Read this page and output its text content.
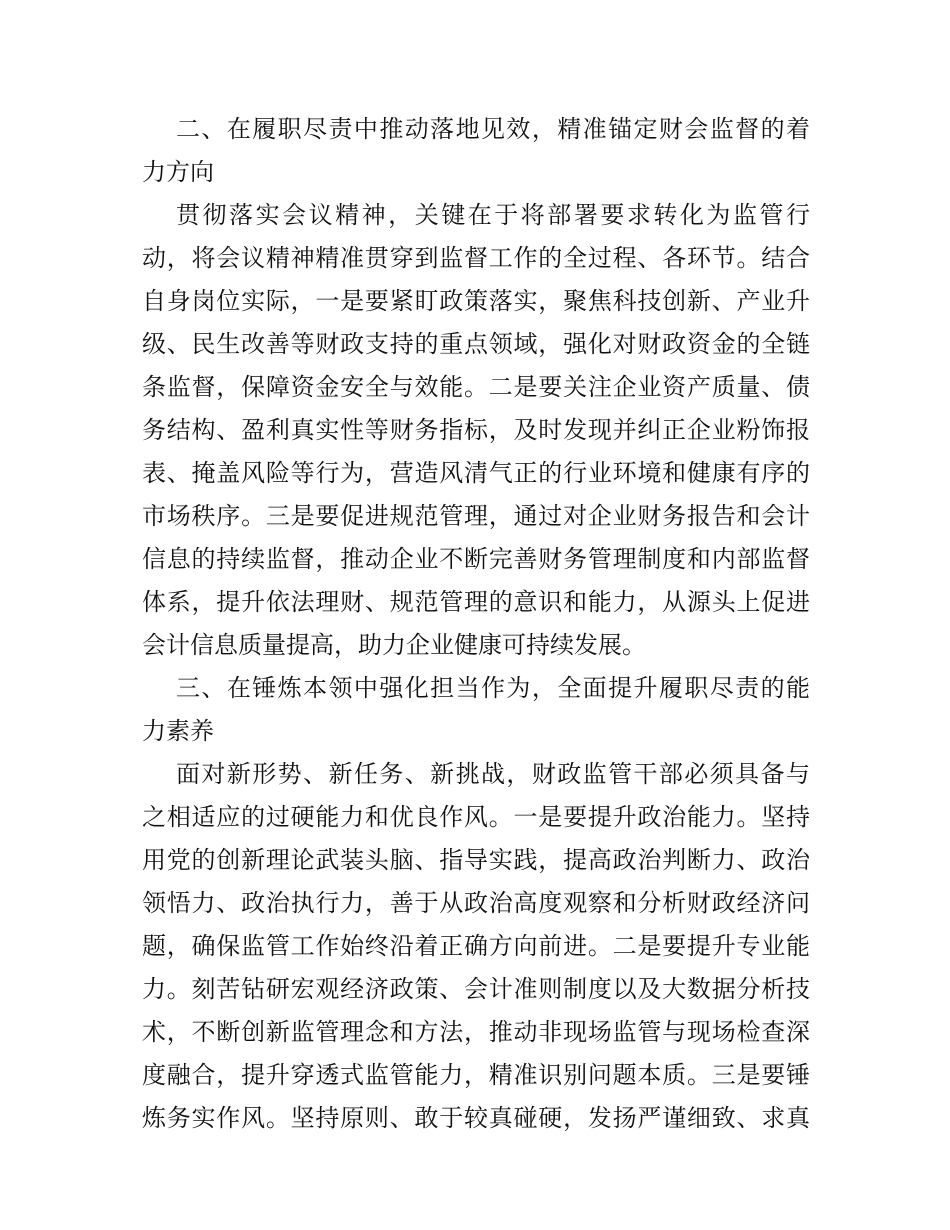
二、在履职尽责中推动落地见效，精准锚定财会监督的着
力方向
贯彻落实会议精神，关键在于将部署要求转化为监管行
动，将会议精神精准贯穿到监督工作的全过程、各环节。结合
自身岗位实际，一是要紧盯政策落实，聚焦科技创新、产业升
级、民生改善等财政支持的重点领域，强化对财政资金的全链
条监督，保障资金安全与效能。二是要关注企业资产质量、债
务结构、盈利真实性等财务指标，及时发现并纠正企业粉饰报
表、掩盖风险等行为，营造风清气正的行业环境和健康有序的
市场秩序。三是要促进规范管理，通过对企业财务报告和会计
信息的持续监督，推动企业不断完善财务管理制度和内部监督
体系，提升依法理财、规范管理的意识和能力，从源头上促进
会计信息质量提高，助力企业健康可持续发展。
三、在锤炼本领中强化担当作为，全面提升履职尽责的能
力素养
面对新形势、新任务、新挑战，财政监管干部必须具备与
之相适应的过硬能力和优良作风。一是要提升政治能力。坚持
用党的创新理论武装头脑、指导实践，提高政治判断力、政治
领悟力、政治执行力，善于从政治高度观察和分析财政经济问
题，确保监管工作始终沿着正确方向前进。二是要提升专业能
力。刻苦钻研宏观经济政策、会计准则制度以及大数据分析技
术，不断创新监管理念和方法，推动非现场监管与现场检查深
度融合，提升穿透式监管能力，精准识别问题本质。三是要锤
炼务实作风。坚持原则、敢于较真碰硬，发扬严谨细致、求真
